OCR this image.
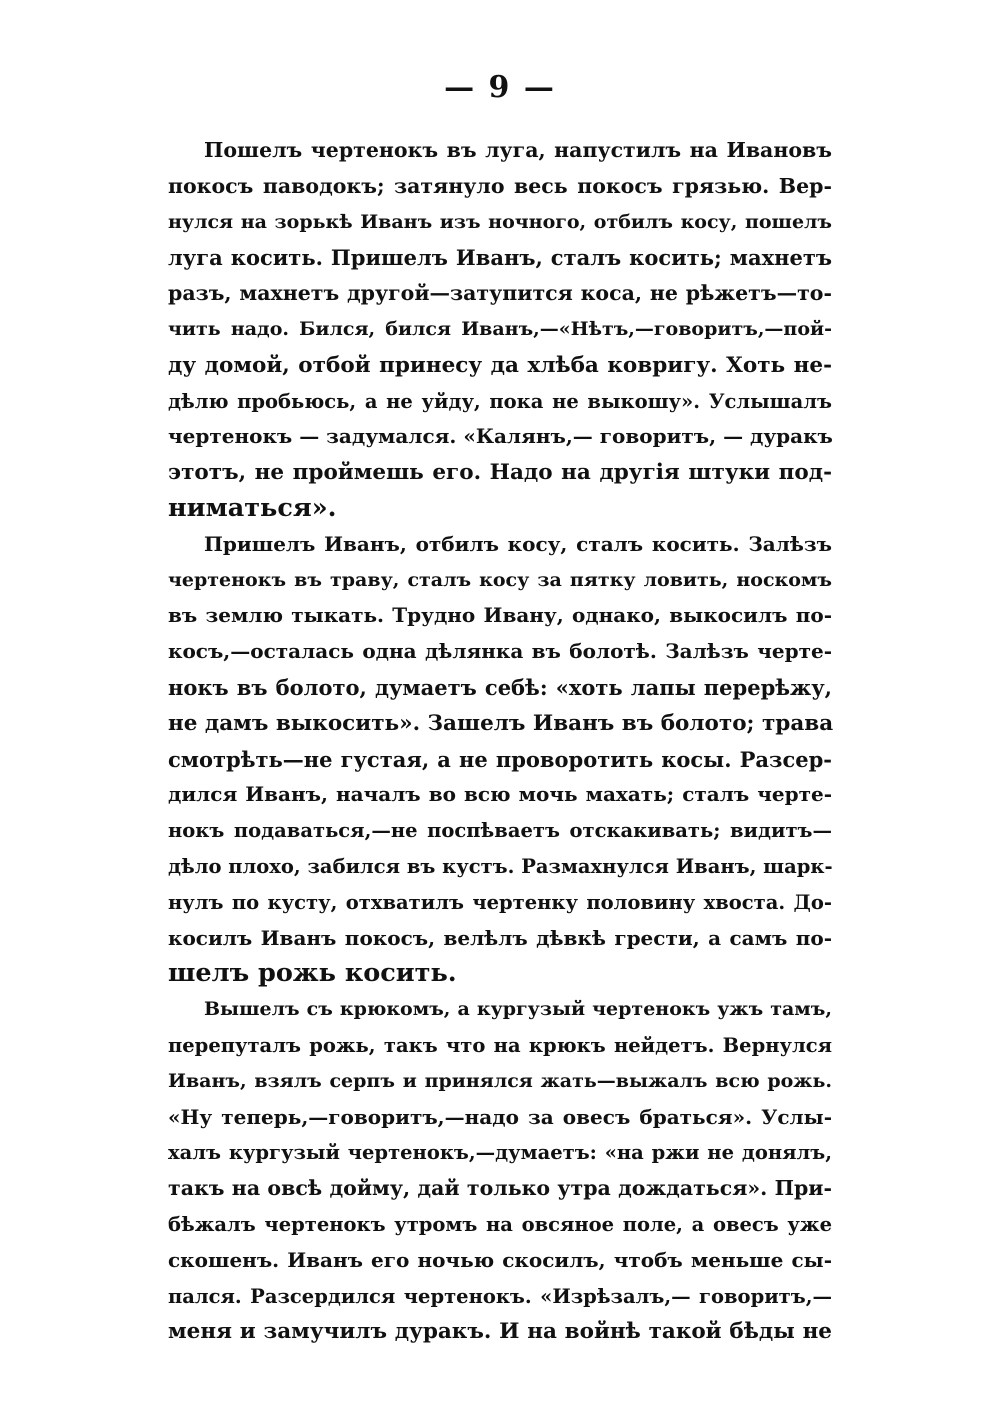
— 9 —
Пошелъ чертенокъ въ луга, напустилъ на Ивановъ
покосъ паводокъ; затянуло весь покосъ грязью. Вер-
нулся на зорькѣ Иванъ изъ ночного, отбилъ косу, пошелъ
луга косить. Пришелъ Иванъ, сталъ косить; махнетъ
разъ, махнетъ другой—затупится коса, не рѣжетъ—то-
чить надо. Бился, бился Иванъ,—«Нѣтъ,—говоритъ,—пой-
ду домой, отбой принесу да хлѣба ковригу. Хоть не-
дѣлю пробьюсь, а не уйду, пока не выкошу». Услышалъ
чертенокъ — задумался. «Калянъ,— говоритъ, — дуракъ
этотъ, не проймешь его. Надо на другія штуки под-
ниматься».
Пришелъ Иванъ, отбилъ косу, сталъ косить. Залѣзъ
чертенокъ въ траву, сталъ косу за пятку ловить, носкомъ
въ землю тыкать. Трудно Ивану, однако, выкосилъ по-
косъ,—осталась одна дѣлянка въ болотѣ. Залѣзъ черте-
нокъ въ болото, думаетъ себѣ: «хоть лапы перерѣжу,
не дамъ выкосить». Зашелъ Иванъ въ болото; трава
смотрѣть—не густая, а не проворотить косы. Разсер-
дился Иванъ, началъ во всю мочь махать; сталъ черте-
нокъ подаваться,—не поспѣваетъ отскакивать; видитъ—
дѣло плохо, забился въ кустъ. Размахнулся Иванъ, шарк-
нулъ по кусту, отхватилъ чертенку половину хвоста. До-
косилъ Иванъ покосъ, велѣлъ дѣвкѣ грести, а самъ по-
шелъ рожь косить.
Вышелъ съ крюкомъ, а кургузый чертенокъ ужъ тамъ,
перепуталъ рожь, такъ что на крюкъ нейдетъ. Вернулся
Иванъ, взялъ серпъ и принялся жать—выжалъ всю рожь.
«Ну теперь,—говоритъ,—надо за овесъ браться». Услы-
халъ кургузый чертенокъ,—думаетъ: «на ржи не донялъ,
такъ на овсѣ дойму, дай только утра дождаться». При-
бѣжалъ чертенокъ утромъ на овсяное поле, а овесъ уже
скошенъ. Иванъ его ночью скосилъ, чтобъ меньше сы-
пался. Разсердился чертенокъ. «Изрѣзалъ,— говоритъ,—
меня и замучилъ дуракъ. И на войнѣ такой бѣды не
